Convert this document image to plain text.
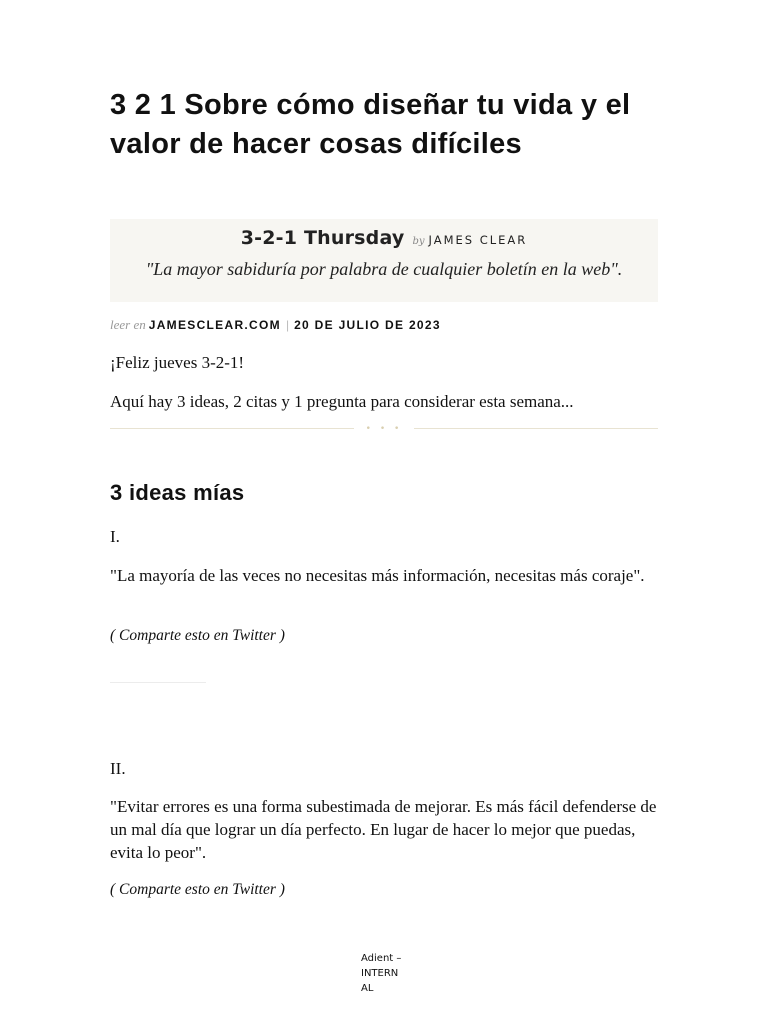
3 2 1 Sobre cómo diseñar tu vida y el valor de hacer cosas difíciles
3-2-1 Thursday by JAMES CLEAR
"La mayor sabiduría por palabra de cualquier boletín en la web".
leer en JAMESCLEAR.COM | 20 DE JULIO DE 2023

¡Feliz jueves 3-2-1!

Aquí hay 3 ideas, 2 citas y 1 pregunta para considerar esta semana...

• • •
3 ideas mías

I.

"La mayoría de las veces no necesitas más información, necesitas más coraje".

( Comparte esto en Twitter )

II.

"Evitar errores es una forma subestimada de mejorar. Es más fácil defenderse de un mal día que lograr un día perfecto. En lugar de hacer lo mejor que puedas, evita lo peor".

( Comparte esto en Twitter )

Adient – INTERN AL
